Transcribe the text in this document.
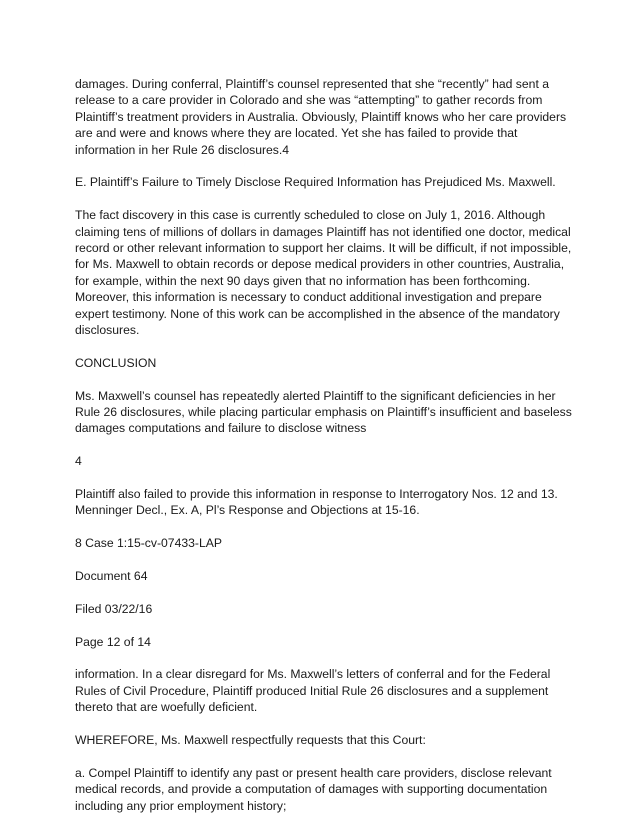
damages. During conferral, Plaintiff’s counsel represented that she “recently” had sent a release to a care provider in Colorado and she was “attempting” to gather records from Plaintiff’s treatment providers in Australia. Obviously, Plaintiff knows who her care providers are and were and knows where they are located. Yet she has failed to provide that information in her Rule 26 disclosures.4

E. Plaintiff’s Failure to Timely Disclose Required Information has Prejudiced Ms. Maxwell.

The fact discovery in this case is currently scheduled to close on July 1, 2016. Although claiming tens of millions of dollars in damages Plaintiff has not identified one doctor, medical record or other relevant information to support her claims. It will be difficult, if not impossible, for Ms. Maxwell to obtain records or depose medical providers in other countries, Australia, for example, within the next 90 days given that no information has been forthcoming. Moreover, this information is necessary to conduct additional investigation and prepare expert testimony. None of this work can be accomplished in the absence of the mandatory disclosures.

CONCLUSION

Ms. Maxwell’s counsel has repeatedly alerted Plaintiff to the significant deficiencies in her Rule 26 disclosures, while placing particular emphasis on Plaintiff’s insufficient and baseless damages computations and failure to disclose witness

4

Plaintiff also failed to provide this information in response to Interrogatory Nos. 12 and 13. Menninger Decl., Ex. A, Pl’s Response and Objections at 15-16.

8 Case 1:15-cv-07433-LAP

Document 64

Filed 03/22/16

Page 12 of 14

information. In a clear disregard for Ms. Maxwell’s letters of conferral and for the Federal Rules of Civil Procedure, Plaintiff produced Initial Rule 26 disclosures and a supplement thereto that are woefully deficient.

WHEREFORE, Ms. Maxwell respectfully requests that this Court:

a. Compel Plaintiff to identify any past or present health care providers, disclose relevant medical records, and provide a computation of damages with supporting documentation including any prior employment history;
